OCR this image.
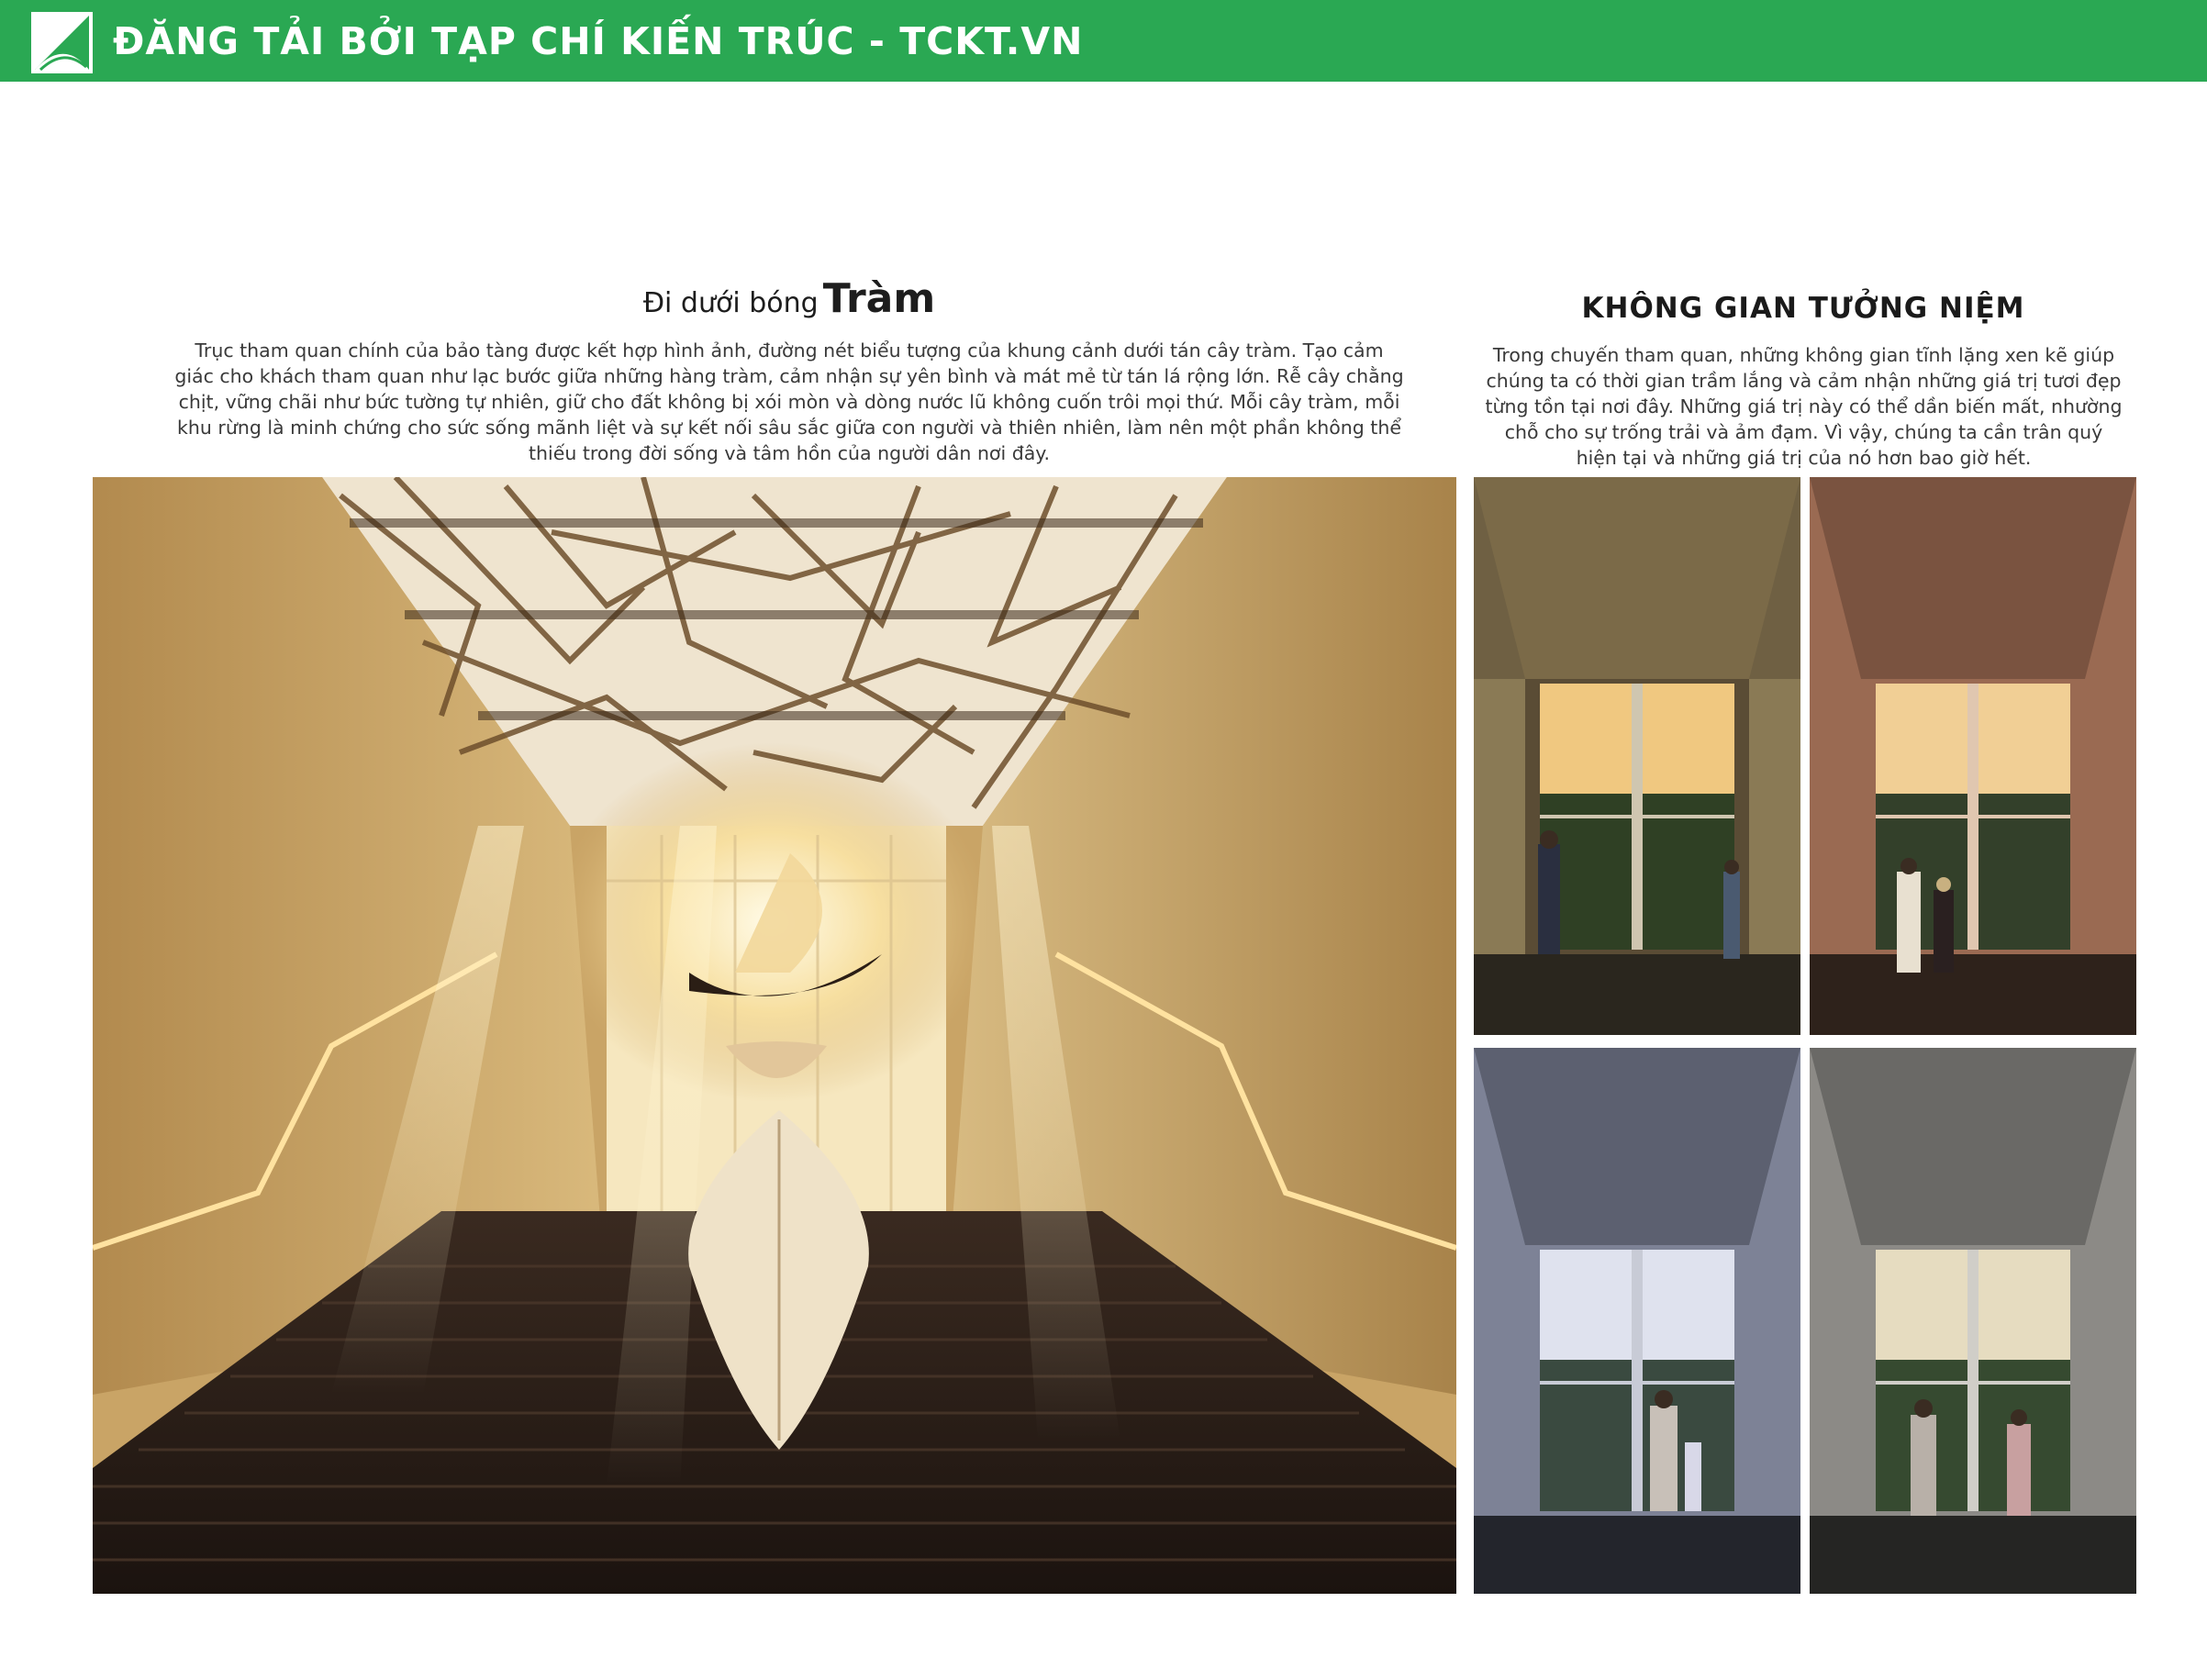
ĐĂNG TẢI BỞI TẠP CHÍ KIẾN TRÚC - TCKT.VN
Đi dưới bóng Tràm
Trục tham quan chính của bảo tàng được kết hợp hình ảnh, đường nét biểu tượng của khung cảnh dưới tán cây tràm. Tạo cảm giác cho khách tham quan như lạc bước giữa những hàng tràm, cảm nhận sự yên bình và mát mẻ từ tán lá rộng lớn. Rễ cây chằng chịt, vững chãi như bức tường tự nhiên, giữ cho đất không bị xói mòn và dòng nước lũ không cuốn trôi mọi thứ. Mỗi cây tràm, mỗi khu rừng là minh chứng cho sức sống mãnh liệt và sự kết nối sâu sắc giữa con người và thiên nhiên, làm nên một phần không thể thiếu trong đời sống và tâm hồn của người dân nơi đây.
KHÔNG GIAN TƯỞNG NIỆM
Trong chuyến tham quan, những không gian tĩnh lặng xen kẽ giúp chúng ta có thời gian trầm lắng và cảm nhận những giá trị tươi đẹp từng tồn tại nơi đây. Những giá trị này có thể dần biến mất, nhường chỗ cho sự trống trải và ảm đạm. Vì vậy, chúng ta cần trân quý hiện tại và những giá trị của nó hơn bao giờ hết.
